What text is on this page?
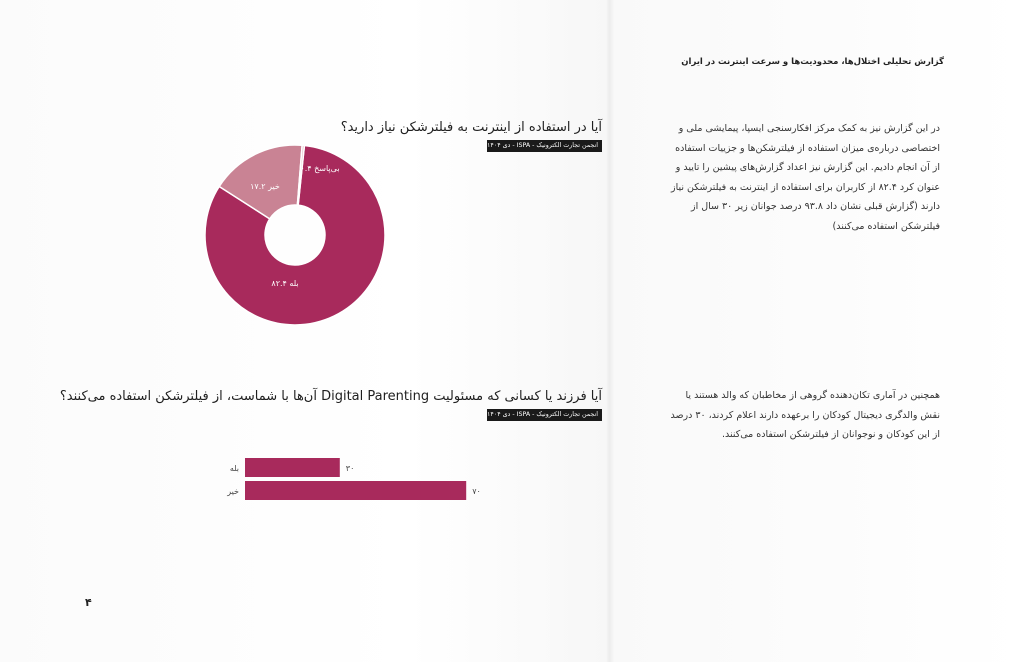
گزارش تحلیلی اختلال‌ها، محدودیت‌ها و سرعت اینترنت در ایران
در این گزارش نیز به کمک مرکز افکارسنجی ایسپا، پیمایشی ملی و اختصاصی درباره‌ی میزان استفاده از فیلترشکن‌ها و جزییات استفاده از آن انجام دادیم. این گزارش نیز اعداد گزارش‌های پیشین را تایید و عنوان کرد ۸۲.۴ از کاربران برای استفاده از اینترنت به فیلترشکن نیاز دارند (گزارش قبلی نشان داد ۹۳.۸ درصد جوانان زیر ۳۰ سال از فیلترشکن استفاده می‌کنند)
همچنین در آماری تکان‌دهنده گروهی از مخاطبان که والد هستند یا نقش والدگری دیجیتال کودکان را برعهده دارند اعلام کردند، ۳۰ درصد از این کودکان و نوجوانان از فیلترشکن استفاده می‌کنند.
آیا در استفاده از اینترنت به فیلترشکن نیاز دارید؟
انجمن تجارت الکترونیک - ISPA - دی ۱۴۰۴
بله ۸۲.۴
خیر ۱۷.۲
بی‌پاسخ ۰.۴
آیا فرزند یا کسانی که مسئولیت Digital Parenting آن‌ها با شماست، از فیلترشکن استفاده می‌کنند؟
انجمن تجارت الکترونیک - ISPA - دی ۱۴۰۴
بله	۳۰
خیر	۷۰
۴
